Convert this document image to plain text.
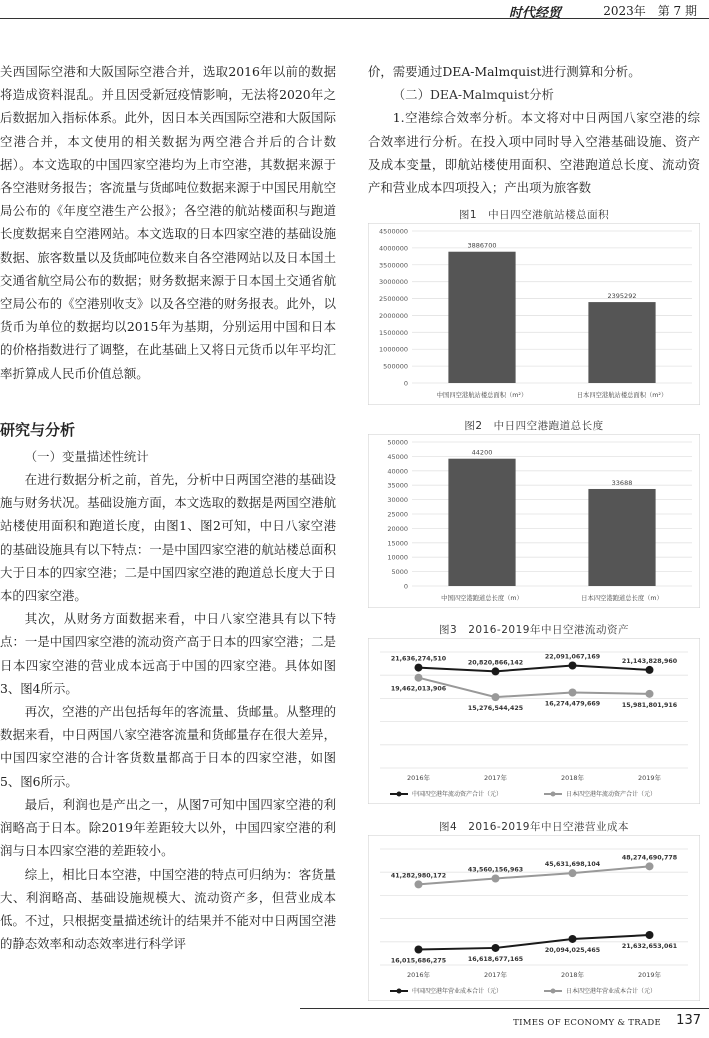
时代经贸	2023年　第 7 期

关西国际空港和大阪国际空港合并，选取2016年以前的数据将造成资料混乱。并且因受新冠疫情影响，无法将2020年之后数据加入指标体系。此外，因日本关西国际空港和大阪国际空港合并，本文使用的相关数据为两空港合并后的合计数据）。本文选取的中国四家空港均为上市空港，其数据来源于各空港财务报告；客流量与货邮吨位数据来源于中国民用航空局公布的《年度空港生产公报》；各空港的航站楼面积与跑道长度数据来自空港网站。本文选取的日本四家空港的基础设施数据、旅客数量以及货邮吨位数来自各空港网站以及日本国土交通省航空局公布的数据；财务数据来源于日本国土交通省航空局公布的《空港别收支》以及各空港的财务报表。此外，以货币为单位的数据均以2015年为基期，分别运用中国和日本的价格指数进行了调整，在此基础上又将日元货币以年平均汇率折算成人民币价值总额。

研究与分析

（一）变量描述性统计

在进行数据分析之前，首先，分析中日两国空港的基础设施与财务状况。基础设施方面，本文选取的数据是两国空港航站楼使用面积和跑道长度，由图1、图2可知，中日八家空港的基础设施具有以下特点：一是中国四家空港的航站楼总面积大于日本的四家空港；二是中国四家空港的跑道总长度大于日本的四家空港。

其次，从财务方面数据来看，中日八家空港具有以下特点：一是中国四家空港的流动资产高于日本的四家空港；二是日本四家空港的营业成本远高于中国的四家空港。具体如图3、图4所示。

再次，空港的产出包括每年的客流量、货邮量。从整理的数据来看，中日两国八家空港客流量和货邮量存在很大差异，中国四家空港的合计客货数量都高于日本的四家空港，如图5、图6所示。

最后，利润也是产出之一，从图7可知中国四家空港的利润略高于日本。除2019年差距较大以外，中国四家空港的利润与日本四家空港的差距较小。

综上，相比日本空港，中国空港的特点可归纳为：客货量大、利润略高、基础设施规模大、流动资产多，但营业成本低。不过，只根据变量描述统计的结果并不能对中日两国空港的静态效率和动态效率进行科学评

价，需要通过DEA-Malmquist进行测算和分析。

（二）DEA-Malmquist分析

1.空港综合效率分析。本文将对中日两国八家空港的综合效率进行分析。在投入项中同时导入空港基础设施、资产及成本变量，即航站楼使用面积、空港跑道总长度、流动资产和营业成本四项投入；产出项为旅客数

图1　中日四空港航站楼总面积
0
500000
1000000
1500000
2000000
2500000
3000000
3500000
4000000
4500000
3886700
中国四空港航站楼总面积（m²）
2395292
日本四空港航站楼总面积（m²）
图2　中日四空港跑道总长度
0
5000
10000
15000
20000
25000
30000
35000
40000
45000
50000
44200
中国四空港跑道总长度（m）
33688
日本四空港跑道总长度（m）
图3　2016-2019年中日空港流动资产
2016年	2017年	2018年	2019年
21,636,274,510
20,820,866,142
22,091,067,169
21,143,828,960
19,462,013,906
15,276,544,425
16,274,479,669	15,981,801,916
中国四空港年流动资产合计（元）	日本四空港年流动资产合计（元）
图4　2016-2019年中日空港营业成本
2016年	2017年	2018年	2019年
16,015,686,275	16,618,677,165
20,094,025,465
21,632,653,061
41,282,980,172
43,560,156,963
45,631,698,104
48,274,690,778
中国四空港年营业成本合计（元）	日本四空港年营业成本合计（元）
TIMES OF ECONOMY & TRADE 137
